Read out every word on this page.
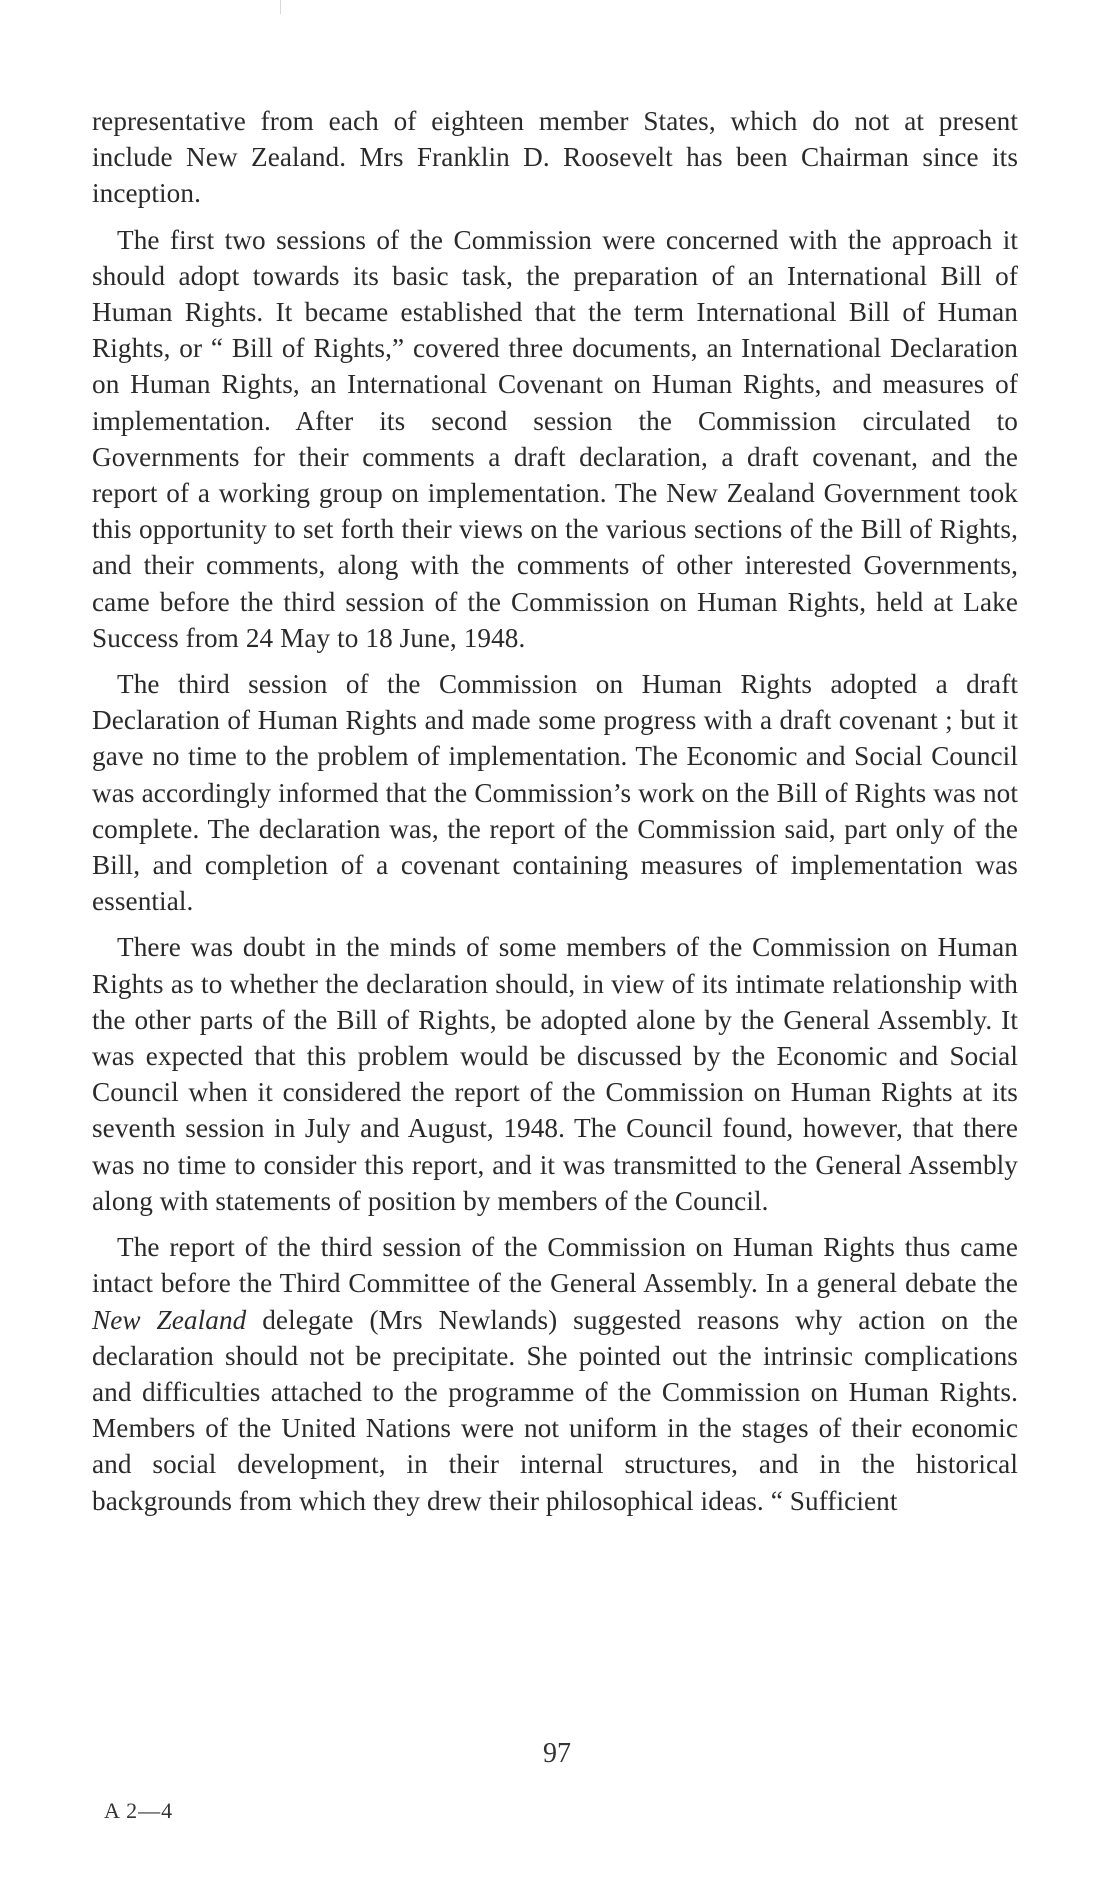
representative from each of eighteen member States, which do not at present include New Zealand. Mrs Franklin D. Roosevelt has been Chairman since its inception.

The first two sessions of the Commission were concerned with the approach it should adopt towards its basic task, the preparation of an International Bill of Human Rights. It became established that the term International Bill of Human Rights, or “ Bill of Rights,” covered three documents, an International Declaration on Human Rights, an International Covenant on Human Rights, and measures of implementation. After its second session the Commission circulated to Governments for their comments a draft declaration, a draft covenant, and the report of a working group on implementation. The New Zealand Government took this opportunity to set forth their views on the various sections of the Bill of Rights, and their comments, along with the comments of other interested Governments, came before the third session of the Commission on Human Rights, held at Lake Success from 24 May to 18 June, 1948.

The third session of the Commission on Human Rights adopted a draft Declaration of Human Rights and made some progress with a draft covenant ; but it gave no time to the problem of implementation. The Economic and Social Council was accordingly informed that the Commission’s work on the Bill of Rights was not complete. The declaration was, the report of the Commission said, part only of the Bill, and completion of a covenant containing measures of implementation was essential.

There was doubt in the minds of some members of the Commission on Human Rights as to whether the declaration should, in view of its intimate relationship with the other parts of the Bill of Rights, be adopted alone by the General Assembly. It was expected that this problem would be discussed by the Economic and Social Council when it considered the report of the Commission on Human Rights at its seventh session in July and August, 1948. The Council found, however, that there was no time to consider this report, and it was transmitted to the General Assembly along with statements of position by members of the Council.

The report of the third session of the Commission on Human Rights thus came intact before the Third Committee of the General Assembly. In a general debate the New Zealand delegate (Mrs Newlands) suggested reasons why action on the declaration should not be precipitate. She pointed out the intrinsic complications and difficulties attached to the programme of the Commission on Human Rights. Members of the United Nations were not uniform in the stages of their economic and social development, in their internal structures, and in the historical backgrounds from which they drew their philosophical ideas. “ Sufficient

97
A 2—4
